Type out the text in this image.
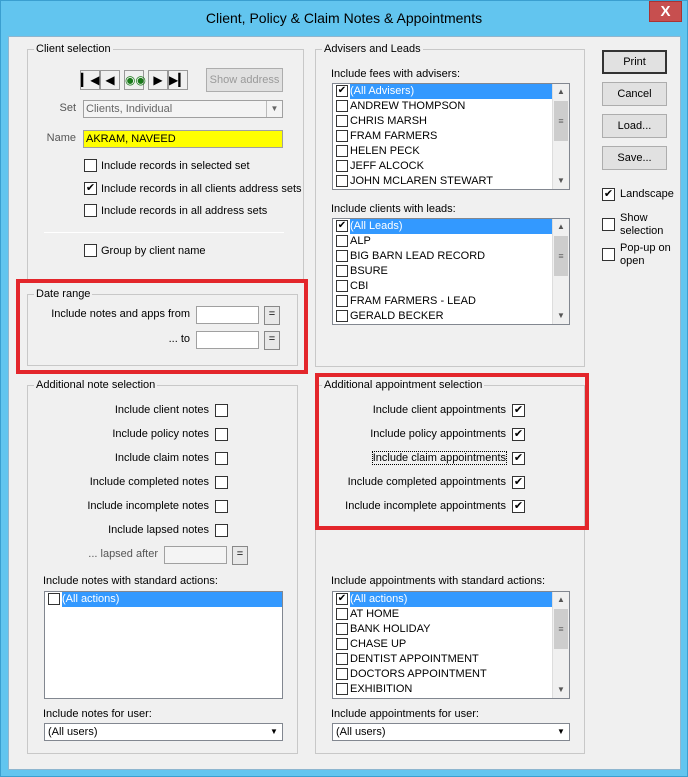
Client, Policy & Claim Notes & Appointments	X
Client selection
▎◀ ◀ ◉◉ ▶ ▶▎	Show address
Set Clients, Individual	▼
Name AKRAM, NAVEED
Include records in selected set
✔ Include records in all clients address sets
Include records in all address sets
Group by client name
Date range
Include notes and apps from	=
... to	=
Advisers and Leads
Include fees with advisers:
✔ (All Advisers)
ANDREW THOMPSON
CHRIS MARSH
FRAM FARMERS
HELEN PECK
JEFF ALCOCK
JOHN MCLAREN STEWART
▲
≡
▼
Include clients with leads:
✔ (All Leads)
ALP
BIG BARN LEAD RECORD
BSURE
CBI
FRAM FARMERS - LEAD
GERALD BECKER
▲
≡
▼
Print
Cancel
Load...
Save...
✔ Landscape
Show
selection
Pop-up on
open
Additional note selection
Include client notes
Include policy notes
Include claim notes
Include completed notes
Include incomplete notes
Include lapsed notes
... lapsed after	=
Include notes with standard actions:
(All actions)
Include notes for user:
(All users)	▼
Additional appointment selection
Include client appointments ✔
Include policy appointments ✔
Include claim appointments ✔
Include completed appointments ✔
Include incomplete appointments ✔
Include appointments with standard actions:
✔ (All actions)
AT HOME
BANK HOLIDAY
CHASE UP
DENTIST APPOINTMENT
DOCTORS APPOINTMENT
EXHIBITION
▲
≡
▼
Include appointments for user:
(All users)	▼
